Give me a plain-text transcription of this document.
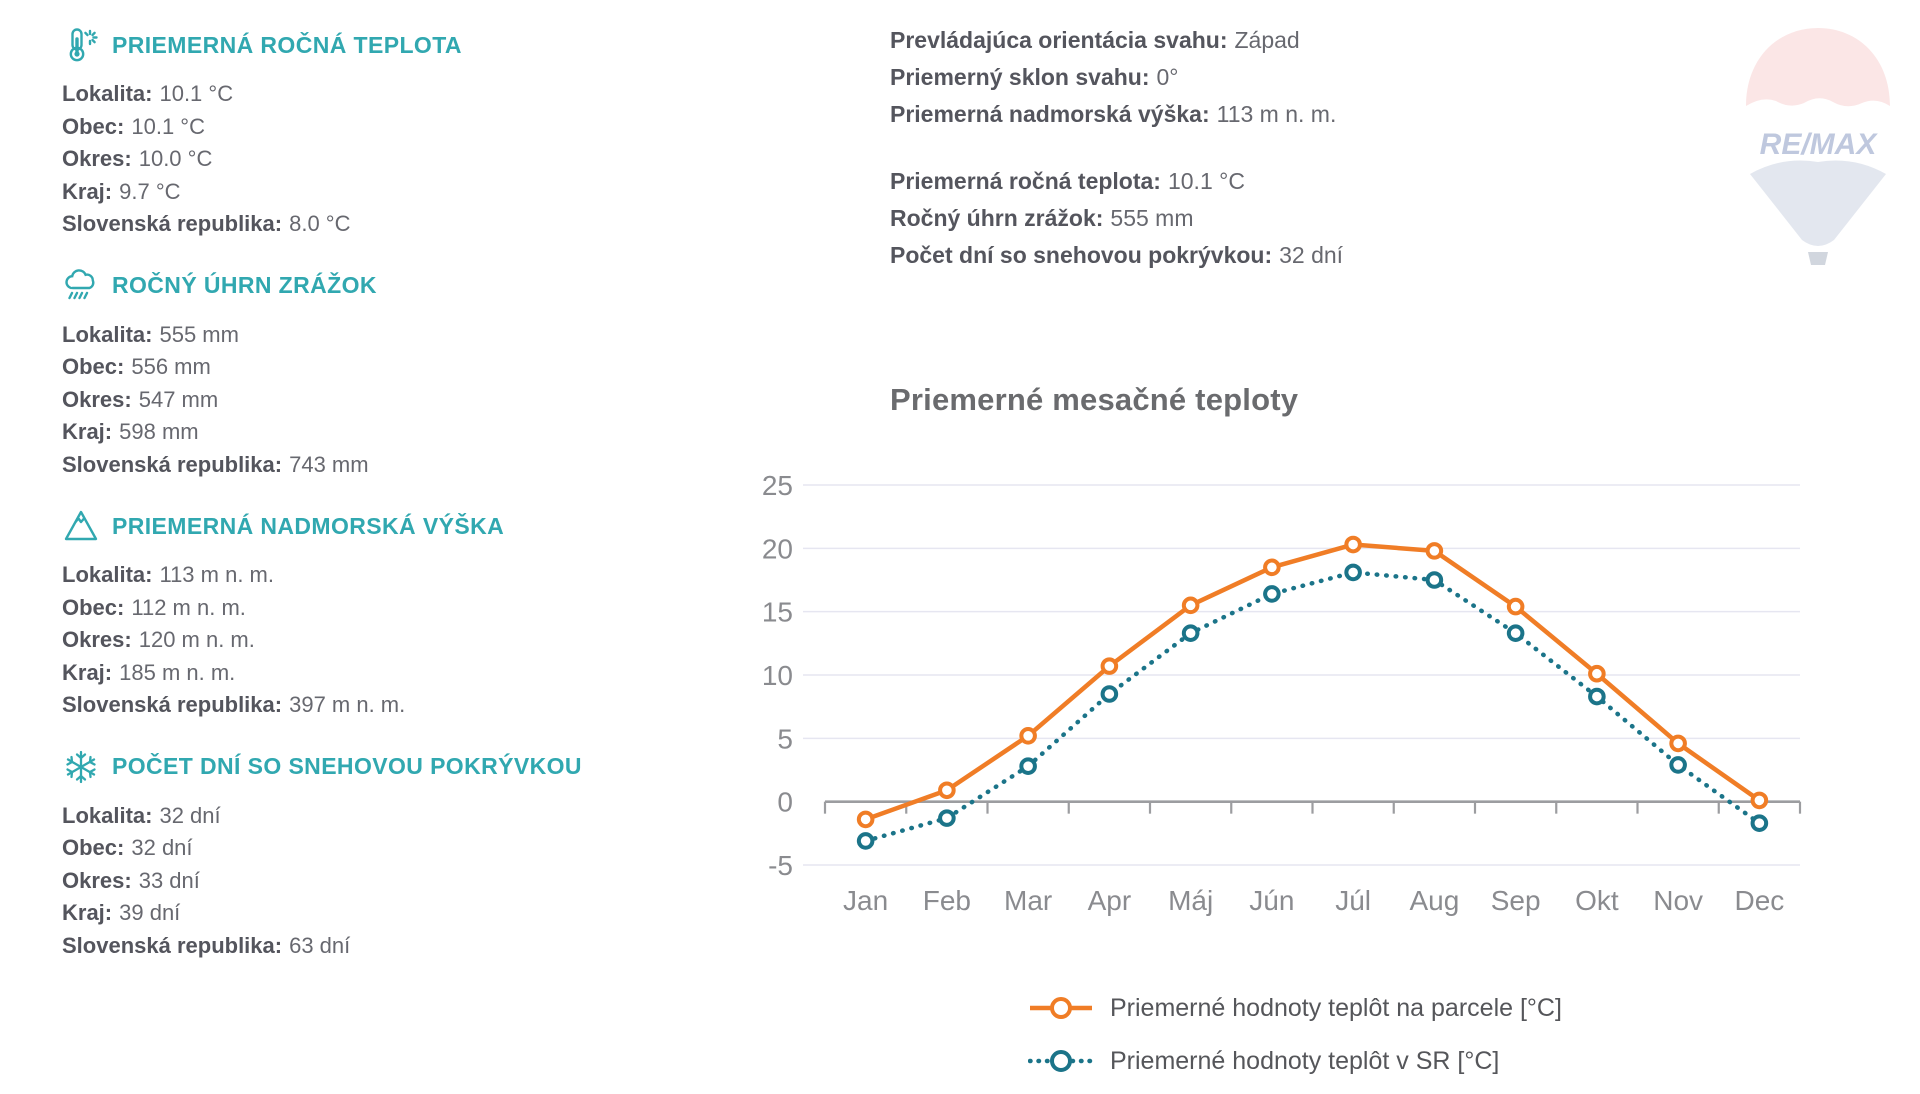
PRIEMERNÁ ROČNÁ TEPLOTA
Lokalita: 10.1 °C
Obec: 10.1 °C
Okres: 10.0 °C
Kraj: 9.7 °C
Slovenská republika: 8.0 °C
ROČNÝ ÚHRN ZRÁŽOK
Lokalita: 555 mm
Obec: 556 mm
Okres: 547 mm
Kraj: 598 mm
Slovenská republika: 743 mm
PRIEMERNÁ NADMORSKÁ VÝŠKA
Lokalita: 113 m n. m.
Obec: 112 m n. m.
Okres: 120 m n. m.
Kraj: 185 m n. m.
Slovenská republika: 397 m n. m.
POČET DNÍ SO SNEHOVOU POKRÝVKOU
Lokalita: 32 dní
Obec: 32 dní
Okres: 33 dní
Kraj: 39 dní
Slovenská republika: 63 dní
Prevládajúca orientácia svahu: Západ
Priemerný sklon svahu: 0°
Priemerná nadmorská výška: 113 m n. m.
Priemerná ročná teplota: 10.1 °C
Ročný úhrn zrážok: 555 mm
Počet dní so snehovou pokrývkou: 32 dní
Priemerné mesačné teploty
25
20
15
10
5
0
-5
Jan Feb Mar Apr Máj Jún Júl Aug Sep Okt Nov Dec
Priemerné hodnoty teplôt na parcele [°C]
Priemerné hodnoty teplôt v SR [°C]
RE/MAX
